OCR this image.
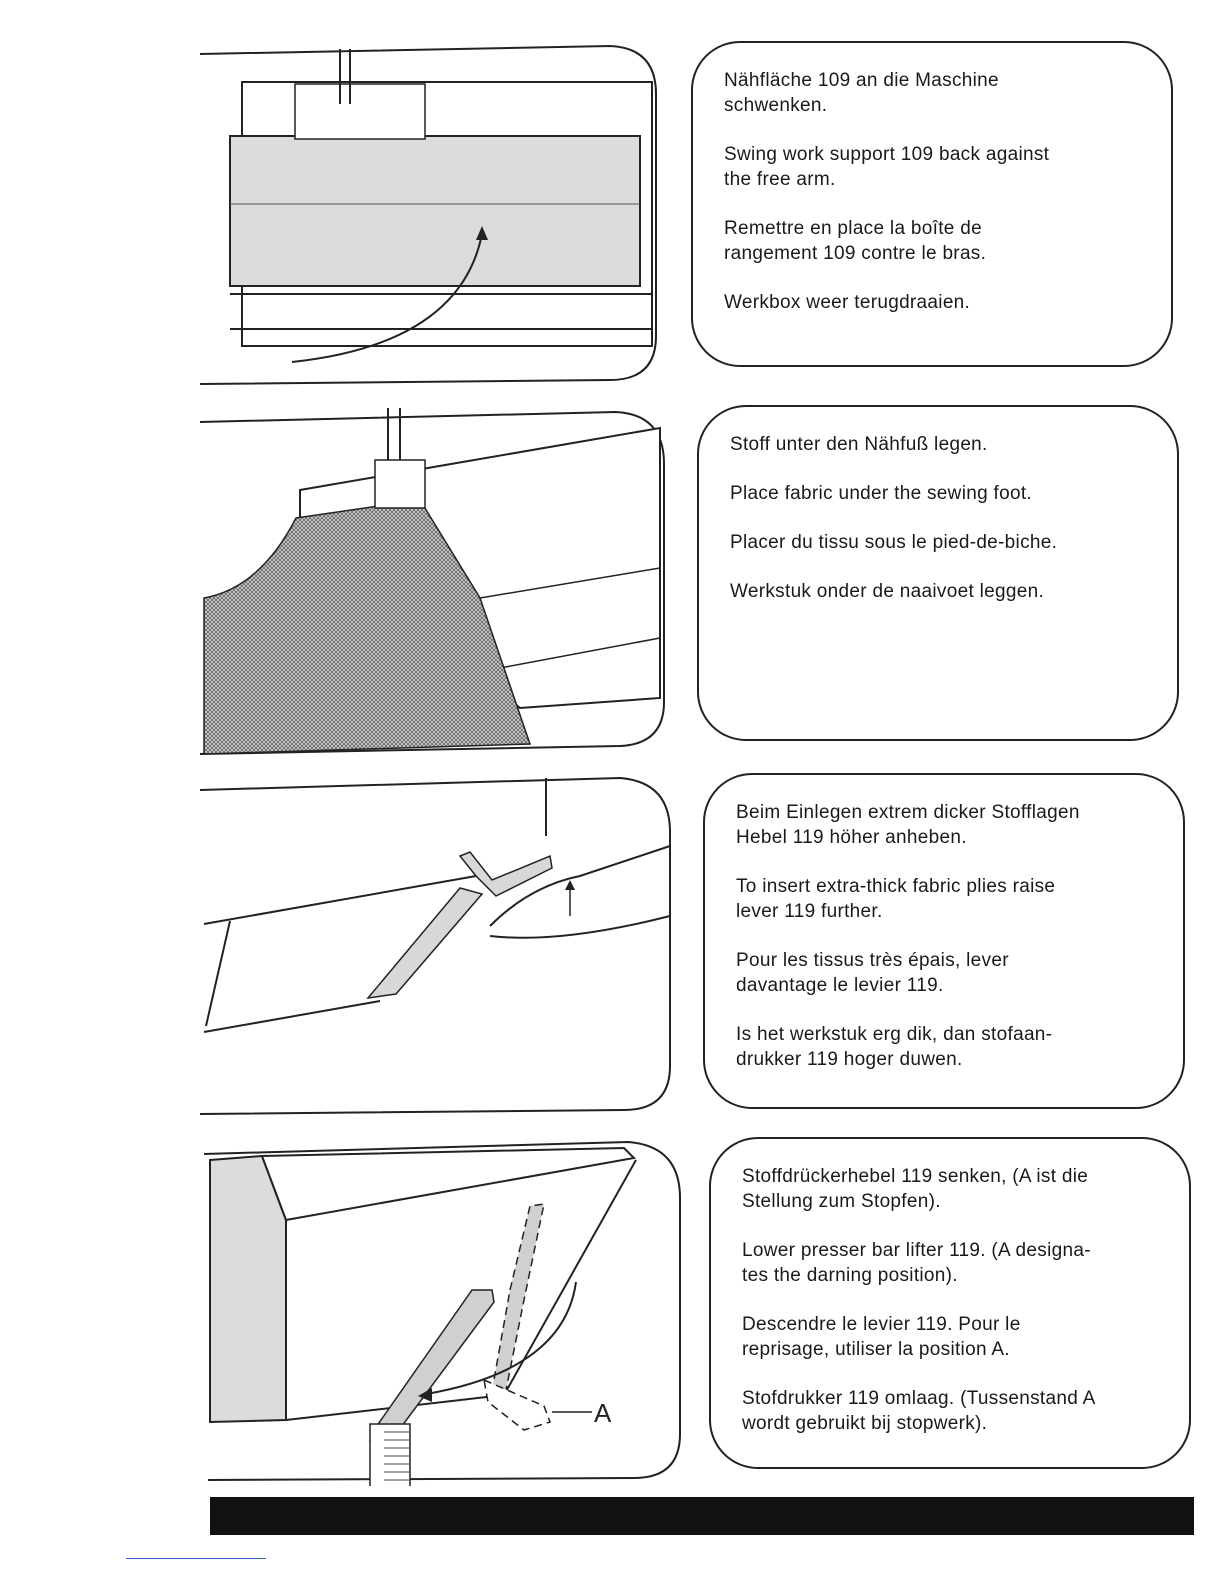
Nähfläche 109 an die Maschine
schwenken.

Swing work support 109 back against
the free arm.

Remettre en place la boîte de
rangement 109 contre le bras.

Werkbox weer terugdraaien.

Stoff unter den Nähfuß legen.

Place fabric under the sewing foot.

Placer du tissu sous le pied-de-biche.

Werkstuk onder de naaivoet leggen.

Beim Einlegen extrem dicker Stofflagen
Hebel 119 höher anheben.

To insert extra-thick fabric plies raise
lever 119 further.

Pour les tissus très épais, lever
davantage le levier 119.

Is het werkstuk erg dik, dan stofaan-
drukker 119 hoger duwen.

A

Stoffdrückerhebel 119 senken, (A ist die
Stellung zum Stopfen).

Lower presser bar lifter 119. (A designa-
tes the darning position).

Descendre le levier 119. Pour le
reprisage, utiliser la position A.

Stofdrukker 119 omlaag. (Tussenstand A
wordt gebruikt bij stopwerk).
